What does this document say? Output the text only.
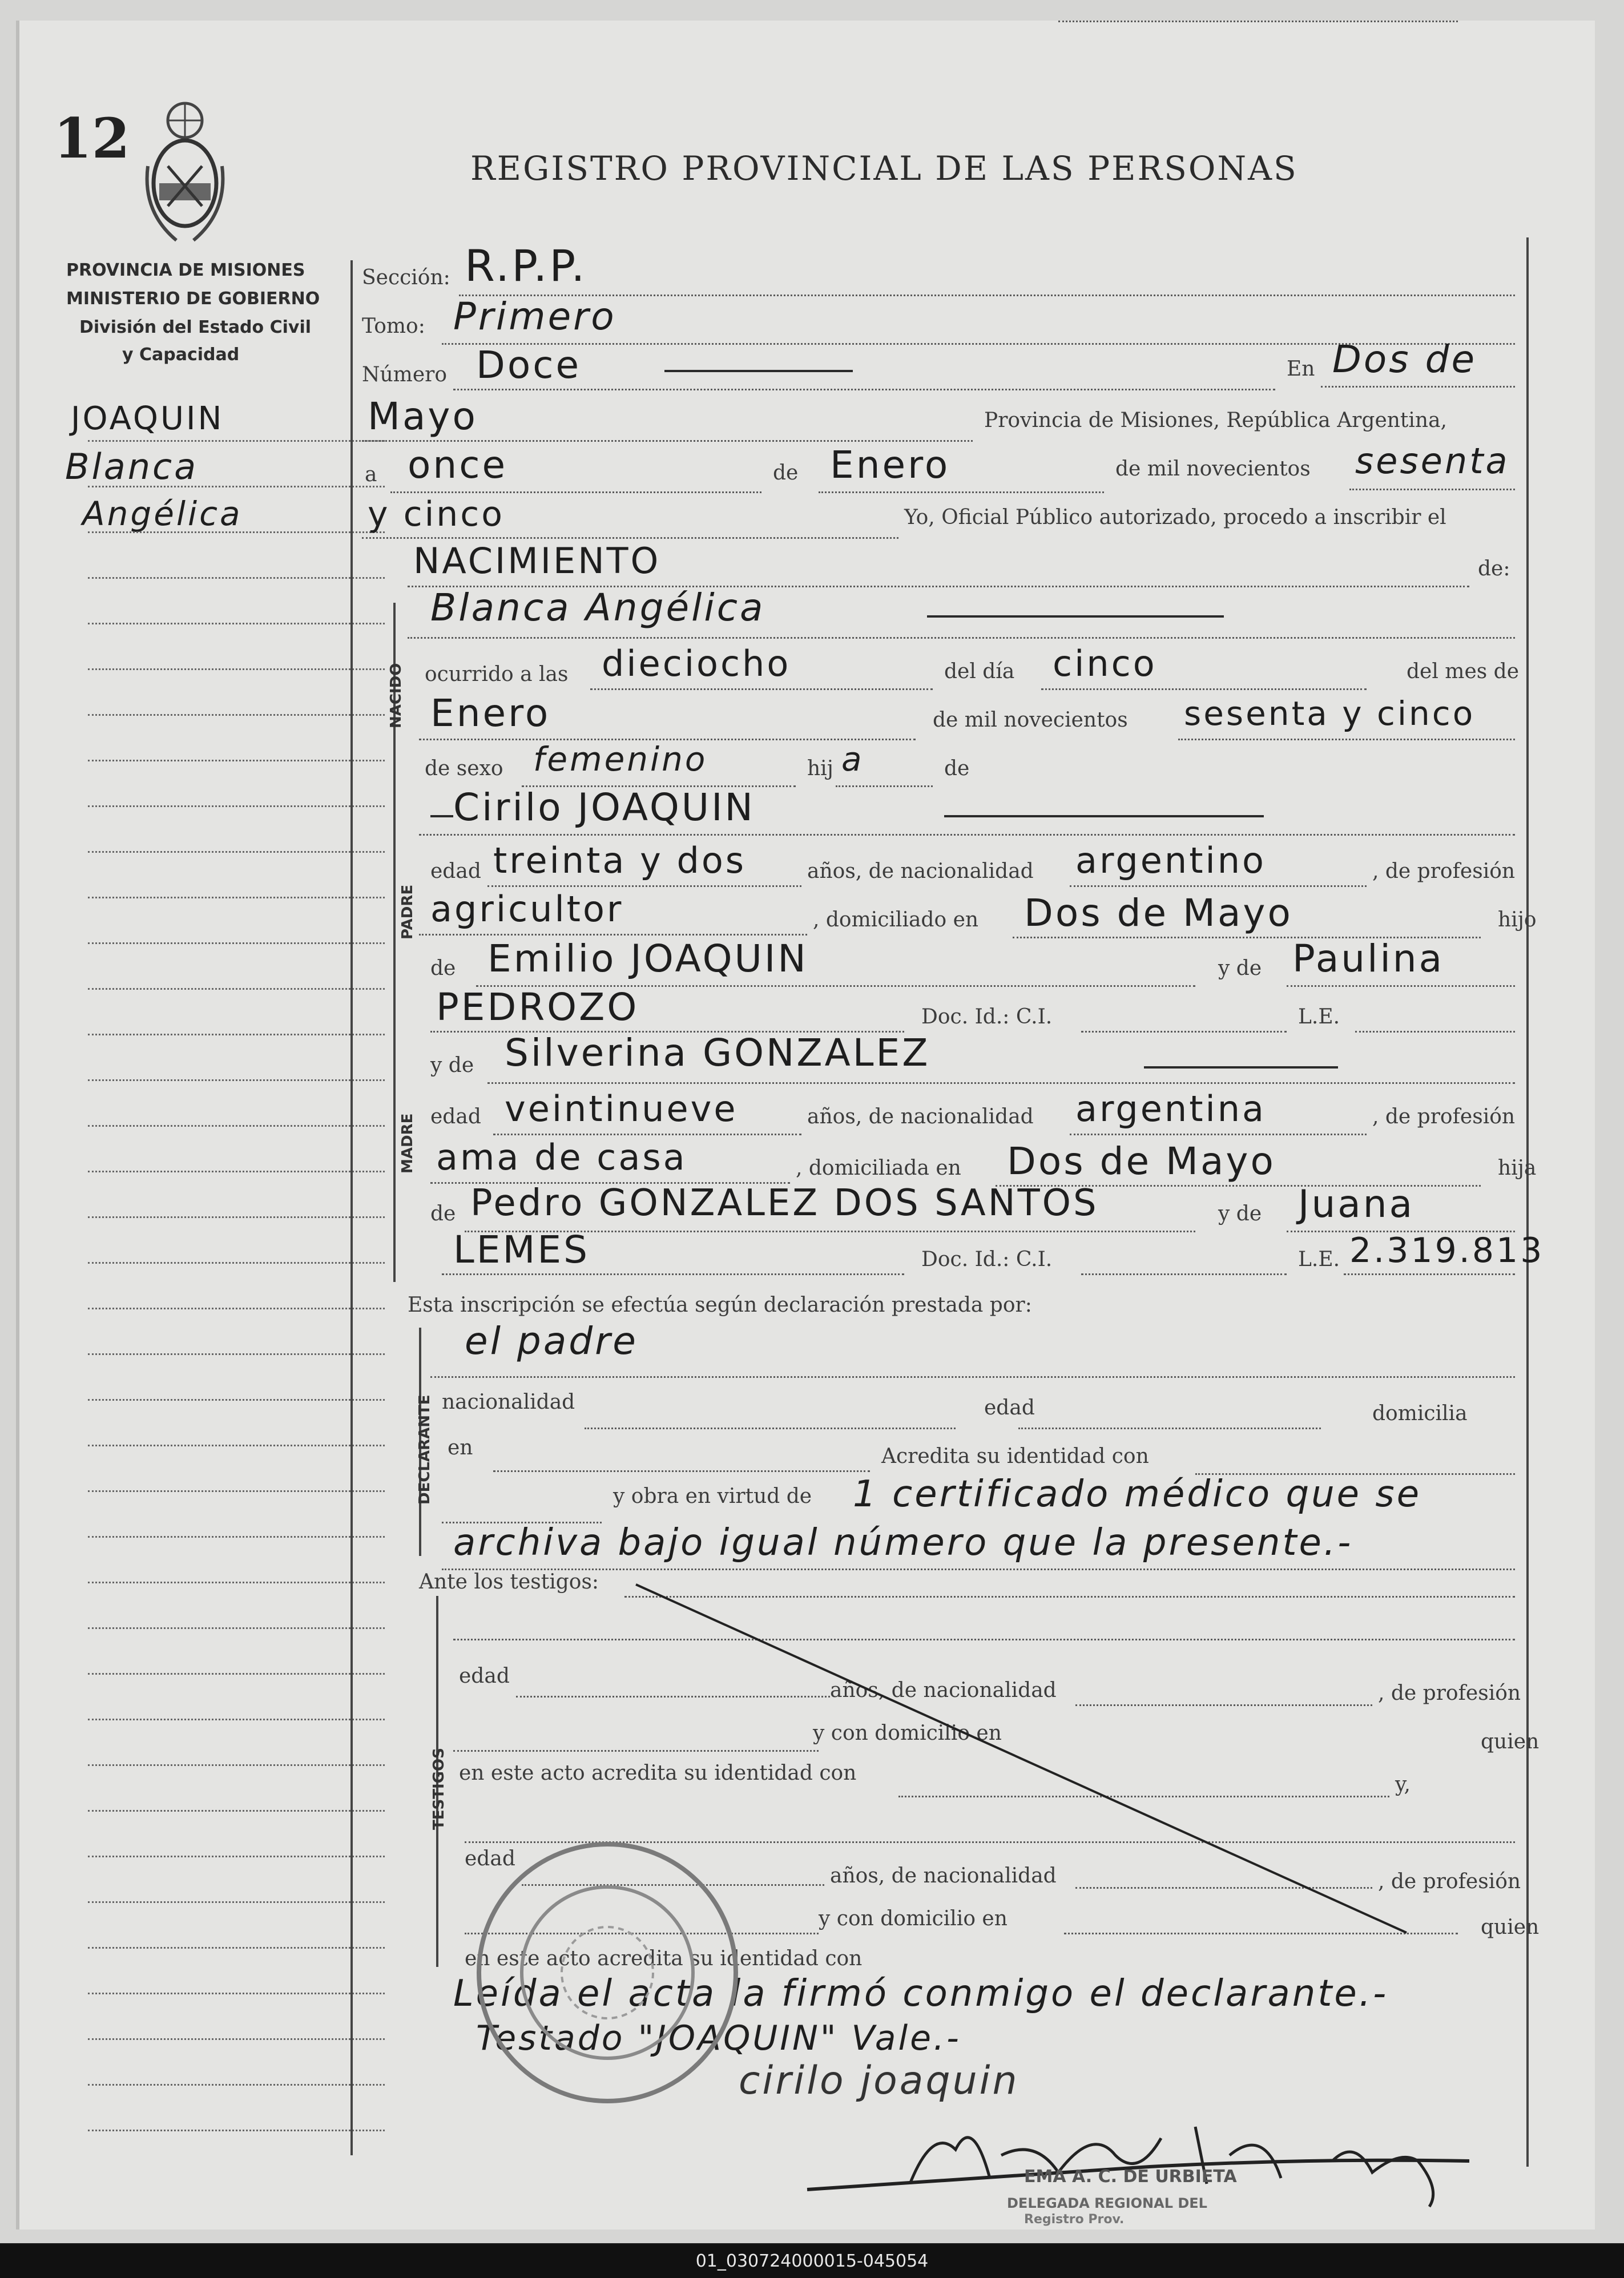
12	REGISTRO PROVINCIAL DE LAS PERSONAS
PROVINCIA DE MISIONES
MINISTERIO DE GOBIERNO
División del Estado Civil
y Capacidad
JOAQUIN
Blanca
Angélica
NACIDO
PADRE
MADRE
DECLARANTE
TESTIGOS
Sección: R.P.P.
Tomo: Primero
Número Doce	En Dos de
Mayo	Provincia de Misiones, República Argentina,
a once	de Enero	de mil novecientos sesenta
y cinco	Yo, Oficial Público autorizado, procedo a inscribir el
NACIMIENTO	de:
Blanca Angélica
ocurrido a las dieciocho	del día cinco	del mes de
Enero	de mil novecientos sesenta y cinco
de sexo femenino	hij a	de
Cirilo JOAQUIN
edad treinta y dos	años, de nacionalidad argentino	, de profesión
agricultor	, domiciliado en Dos de Mayo	hijo
de Emilio JOAQUIN	y de Paulina
PEDROZO	Doc. Id.: C.I.	L.E.
y de Silverina GONZALEZ
edad veintinueve	años, de nacionalidad argentina	, de profesión
ama de casa	, domiciliada en Dos de Mayo	hija
de Pedro GONZALEZ DOS SANTOS	y de Juana
LEMES	Doc. Id.: C.I.	L.E. 2.319.813
Esta inscripción se efectúa según declaración prestada por:
el padre
nacionalidad	edad	domicilia
en	Acredita su identidad con
y obra en virtud de 1 certificado médico que se
archiva bajo igual número que la presente.-
Ante los testigos:
edad
años, de nacionalidad	, de profesión
y con domicilio en	quien
en este acto acredita su identidad con	y,
edad
años, de nacionalidad	, de profesión
y con domicilio en	quien
en este acto acredita su identidad con
Leída el acta la firmó conmigo el declarante.-
Testado "JOAQUIN" Vale.-
cirilo joaquin
EMA A. C. DE URBIETA
DELEGADA REGIONAL DEL
Registro Prov.
01_030724000015-045054
